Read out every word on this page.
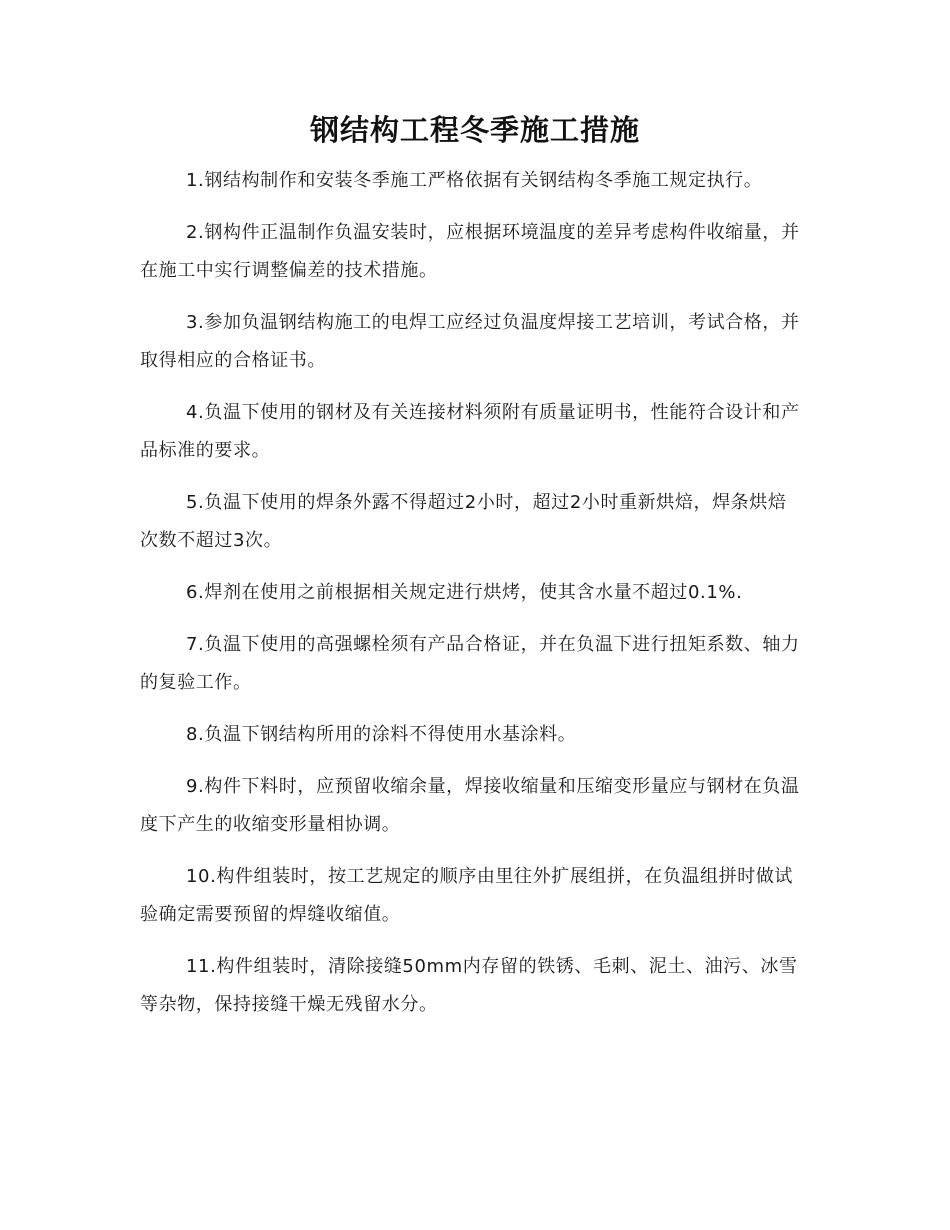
钢结构工程冬季施工措施

1.钢结构制作和安装冬季施工严格依据有关钢结构冬季施工规定执行。

2.钢构件正温制作负温安装时，应根据环境温度的差异考虑构件收缩量，并在施工中实行调整偏差的技术措施。

3.参加负温钢结构施工的电焊工应经过负温度焊接工艺培训，考试合格，并取得相应的合格证书。

4.负温下使用的钢材及有关连接材料须附有质量证明书，性能符合设计和产品标准的要求。

5.负温下使用的焊条外露不得超过2小时，超过2小时重新烘焙，焊条烘焙次数不超过3次。

6.焊剂在使用之前根据相关规定进行烘烤，使其含水量不超过0.1%.

7.负温下使用的高强螺栓须有产品合格证，并在负温下进行扭矩系数、轴力的复验工作。

8.负温下钢结构所用的涂料不得使用水基涂料。

9.构件下料时，应预留收缩余量，焊接收缩量和压缩变形量应与钢材在负温度下产生的收缩变形量相协调。

10.构件组装时，按工艺规定的顺序由里往外扩展组拼，在负温组拼时做试验确定需要预留的焊缝收缩值。

11.构件组装时，清除接缝50mm内存留的铁锈、毛刺、泥土、油污、冰雪等杂物，保持接缝干燥无残留水分。
